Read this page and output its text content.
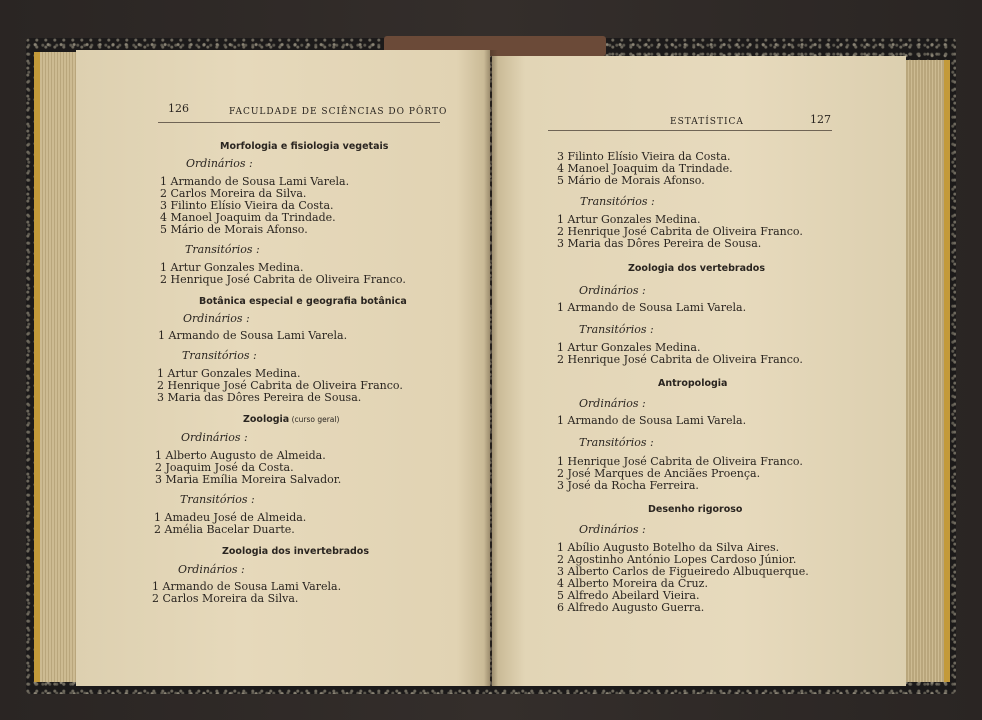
126	FACULDADE DE SCIÊNCIAS DO PÔRTO
ESTATÍSTICA	127
Morfologia e fisiologia vegetais
Ordinários :
1 Armando de Sousa Lami Varela.
2 Carlos Moreira da Silva.
3 Filinto Elísio Vieira da Costa.
4 Manoel Joaquim da Trindade.
5 Mário de Morais Afonso.
Transitórios :
1 Artur Gonzales Medina.
2 Henrique José Cabrita de Oliveira Franco.
Botânica especial e geografia botânica
Ordinários :
1 Armando de Sousa Lami Varela.
Transitórios :
1 Artur Gonzales Medina.
2 Henrique José Cabrita de Oliveira Franco.
3 Maria das Dôres Pereira de Sousa.
Zoologia (curso geral)
Ordinários :
1 Alberto Augusto de Almeida.
2 Joaquim José da Costa.
3 Maria Emília Moreira Salvador.
Transitórios :
1 Amadeu José de Almeida.
2 Amélia Bacelar Duarte.
Zoologia dos invertebrados
Ordinários :
1 Armando de Sousa Lami Varela.
2 Carlos Moreira da Silva.
3 Filinto Elísio Vieira da Costa.
4 Manoel Joaquim da Trindade.
5 Mário de Morais Afonso.
Transitórios :
1 Artur Gonzales Medina.
2 Henrique José Cabrita de Oliveira Franco.
3 Maria das Dôres Pereira de Sousa.
Zoologia dos vertebrados
Ordinários :
1 Armando de Sousa Lami Varela.
Transitórios :
1 Artur Gonzales Medina.
2 Henrique José Cabrita de Oliveira Franco.
Antropologia
Ordinários :
1 Armando de Sousa Lami Varela.
Transitórios :
1 Henrique José Cabrita de Oliveira Franco.
2 José Marques de Anciães Proença.
3 José da Rocha Ferreira.
Desenho rigoroso
Ordinários :
1 Abílio Augusto Botelho da Silva Aires.
2 Agostinho António Lopes Cardoso Júnior.
3 Alberto Carlos de Figueiredo Albuquerque.
4 Alberto Moreira da Cruz.
5 Alfredo Abeilard Vieira.
6 Alfredo Augusto Guerra.
